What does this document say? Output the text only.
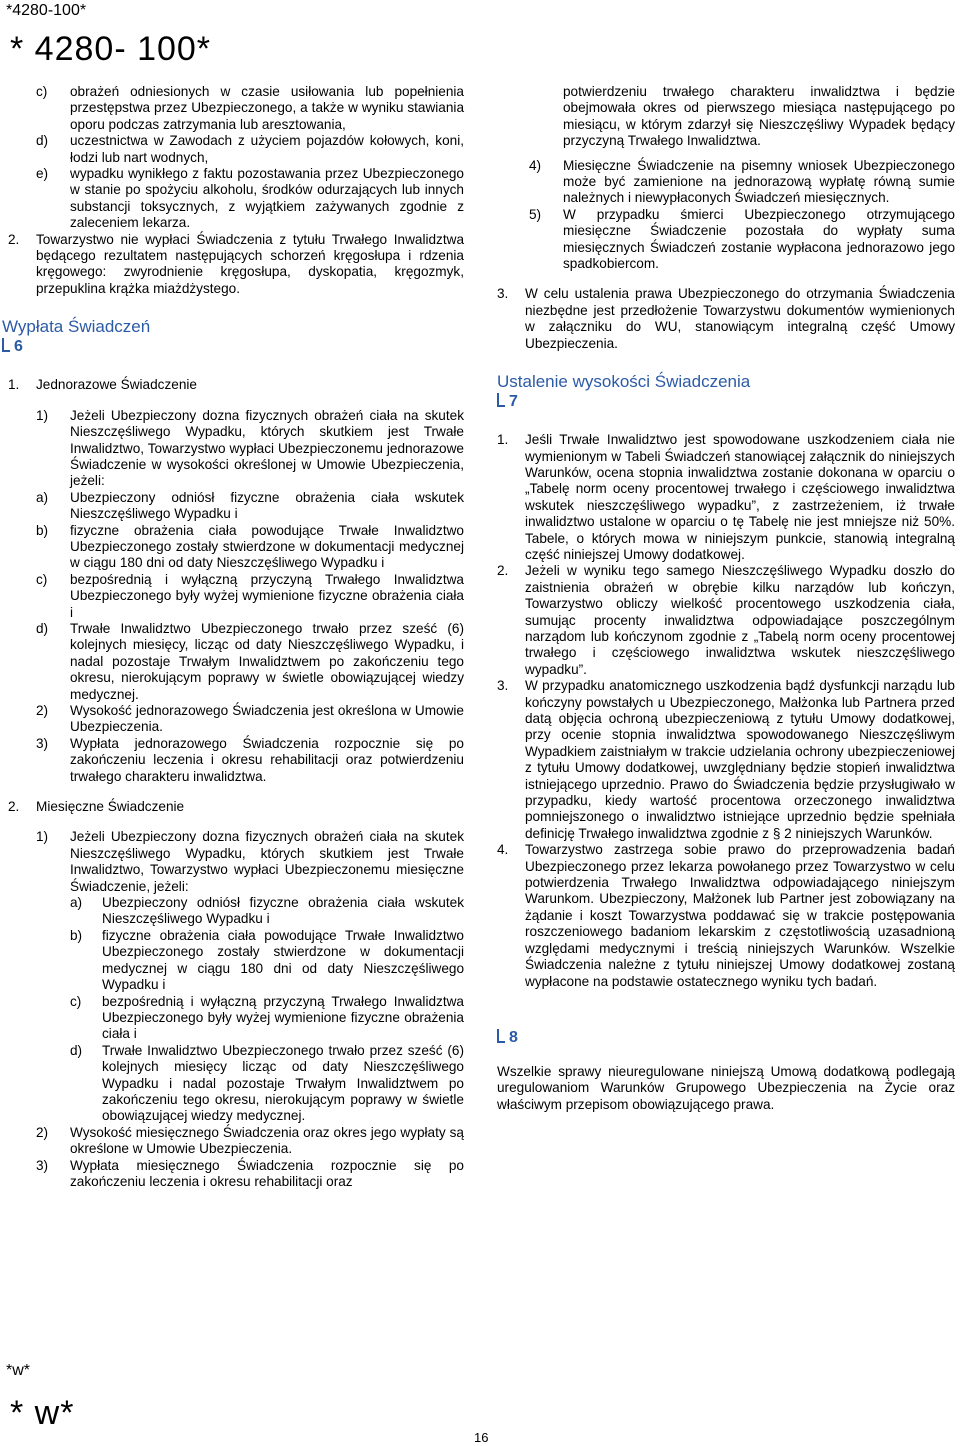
*4280-100*
* 4280- 100*
c) obrażeń odniesionych w czasie usiłowania lub popełnienia przestępstwa przez Ubezpieczonego, a także w wyniku stawiania oporu podczas zatrzymania lub aresztowania,
d) uczestnictwa w Zawodach z użyciem pojazdów kołowych, koni, łodzi lub nart wodnych,
e) wypadku wynikłego z faktu pozostawania przez Ubezpieczonego w stanie po spożyciu alkoholu, środków odurzających lub innych substancji toksycznych, z wyjątkiem zażywanych zgodnie z zaleceniem lekarza.
2. Towarzystwo nie wypłaci Świadczenia z tytułu Trwałego Inwalidztwa będącego rezultatem następujących schorzeń kręgosłupa i rdzenia kręgowego: zwyrodnienie kręgosłupa, dyskopatia, kręgozmyk, przepuklina krążka miażdżystego.
Wypłata Świadczeń
6
1. Jednorazowe Świadczenie
1) Jeżeli Ubezpieczony dozna fizycznych obrażeń ciała na skutek Nieszczęśliwego Wypadku, których skutkiem jest Trwałe Inwalidztwo, Towarzystwo wypłaci Ubezpieczonemu jednorazowe Świadczenie w wysokości określonej w Umowie Ubezpieczenia, jeżeli:
a) Ubezpieczony odniósł fizyczne obrażenia ciała wskutek Nieszczęśliwego Wypadku i
b) fizyczne obrażenia ciała powodujące Trwałe Inwalidztwo Ubezpieczonego zostały stwierdzone w dokumentacji medycznej w ciągu 180 dni od daty Nieszczęśliwego Wypadku i
c) bezpośrednią i wyłączną przyczyną Trwałego Inwalidztwa Ubezpieczonego były wyżej wymienione fizyczne obrażenia ciała i
d) Trwałe Inwalidztwo Ubezpieczonego trwało przez sześć (6) kolejnych miesięcy, licząc od daty Nieszczęśliwego Wypadku, i nadal pozostaje Trwałym Inwalidztwem po zakończeniu tego okresu, nierokującym poprawy w świetle obowiązującej wiedzy medycznej.
2) Wysokość jednorazowego Świadczenia jest określona w Umowie Ubezpieczenia.
3) Wypłata jednorazowego Świadczenia rozpocznie się po zakończeniu leczenia i okresu rehabilitacji oraz potwierdzeniu trwałego charakteru inwalidztwa.
2. Miesięczne Świadczenie
1) Jeżeli Ubezpieczony dozna fizycznych obrażeń ciała na skutek Nieszczęśliwego Wypadku, których skutkiem jest Trwałe Inwalidztwo, Towarzystwo wypłaci Ubezpieczonemu miesięczne Świadczenie, jeżeli:
a) Ubezpieczony odniósł fizyczne obrażenia ciała wskutek Nieszczęśliwego Wypadku i
b) fizyczne obrażenia ciała powodujące Trwałe Inwalidztwo Ubezpieczonego zostały stwierdzone w dokumentacji medycznej w ciągu 180 dni od daty Nieszczęśliwego Wypadku i
c) bezpośrednią i wyłączną przyczyną Trwałego Inwalidztwa Ubezpieczonego były wyżej wymienione fizyczne obrażenia ciała i
d) Trwałe Inwalidztwo Ubezpieczonego trwało przez sześć (6) kolejnych miesięcy licząc od daty Nieszczęśliwego Wypadku i nadal pozostaje Trwałym Inwalidztwem po zakończeniu tego okresu, nierokującym poprawy w świetle obowiązującej wiedzy medycznej.
2) Wysokość miesięcznego Świadczenia oraz okres jego wypłaty są określone w Umowie Ubezpieczenia.
3) Wypłata miesięcznego Świadczenia rozpocznie się po zakończeniu leczenia i okresu rehabilitacji oraz
potwierdzeniu trwałego charakteru inwalidztwa i będzie obejmowała okres od pierwszego miesiąca następującego po miesiącu, w którym zdarzył się Nieszczęśliwy Wypadek będący przyczyną Trwałego Inwalidztwa.
4) Miesięczne Świadczenie na pisemny wniosek Ubezpieczonego może być zamienione na jednorazową wypłatę równą sumie należnych i niewypłaconych Świadczeń miesięcznych.
5) W przypadku śmierci Ubezpieczonego otrzymującego miesięczne Świadczenie pozostała do wypłaty suma miesięcznych Świadczeń zostanie wypłacona jednorazowo jego spadkobiercom.
3. W celu ustalenia prawa Ubezpieczonego do otrzymania Świadczenia niezbędne jest przedłożenie Towarzystwu dokumentów wymienionych w załączniku do WU, stanowiącym integralną część Umowy Ubezpieczenia.
Ustalenie wysokości Świadczenia
7
1. Jeśli Trwałe Inwalidztwo jest spowodowane uszkodzeniem ciała nie wymienionym w Tabeli Świadczeń stanowiącej załącznik do niniejszych Warunków, ocena stopnia inwalidztwa zostanie dokonana w oparciu o „Tabelę norm oceny procentowej trwałego i częściowego inwalidztwa wskutek nieszczęśliwego wypadku”, z zastrzeżeniem, iż trwałe inwalidztwo ustalone w oparciu o tę Tabelę nie jest mniejsze niż 50%. Tabele, o których mowa w niniejszym punkcie, stanowią integralną część niniejszej Umowy dodatkowej.
2. Jeżeli w wyniku tego samego Nieszczęśliwego Wypadku doszło do zaistnienia obrażeń w obrębie kilku narządów lub kończyn, Towarzystwo obliczy wielkość procentowego uszkodzenia ciała, sumując procenty inwalidztwa odpowiadające poszczególnym narządom lub kończynom zgodnie z „Tabelą norm oceny procentowej trwałego i częściowego inwalidztwa wskutek nieszczęśliwego wypadku”.
3. W przypadku anatomicznego uszkodzenia bądź dysfunkcji narządu lub kończyny powstałych u Ubezpieczonego, Małżonka lub Partnera przed datą objęcia ochroną ubezpieczeniową z tytułu Umowy dodatkowej, przy ocenie stopnia inwalidztwa spowodowanego Nieszczęśliwym Wypadkiem zaistniałym w trakcie udzielania ochrony ubezpieczeniowej z tytułu Umowy dodatkowej, uwzględniany będzie stopień inwalidztwa istniejącego uprzednio. Prawo do Świadczenia będzie przysługiwało w przypadku, kiedy wartość procentowa orzeczonego inwalidztwa pomniejszonego o inwalidztwo istniejące uprzednio będzie spełniała definicję Trwałego inwalidztwa zgodnie z § 2 niniejszych Warunków.
4. Towarzystwo zastrzega sobie prawo do przeprowadzenia badań Ubezpieczonego przez lekarza powołanego przez Towarzystwo w celu potwierdzenia Trwałego Inwalidztwa odpowiadającego niniejszym Warunkom. Ubezpieczony, Małżonek lub Partner jest zobowiązany na żądanie i koszt Towarzystwa poddawać się w trakcie postępowania roszczeniowego badaniom lekarskim z częstotliwością uzasadnioną względami medycznymi i treścią niniejszych Warunków. Wszelkie Świadczenia należne z tytułu niniejszej Umowy dodatkowej zostaną wypłacone na podstawie ostatecznego wyniku tych badań.
8
Wszelkie sprawy nieuregulowane niniejszą Umową dodatkową podlegają uregulowaniom Warunków Grupowego Ubezpieczenia na Życie oraz właściwym przepisom obowiązującego prawa.
*w*
* w*
16
